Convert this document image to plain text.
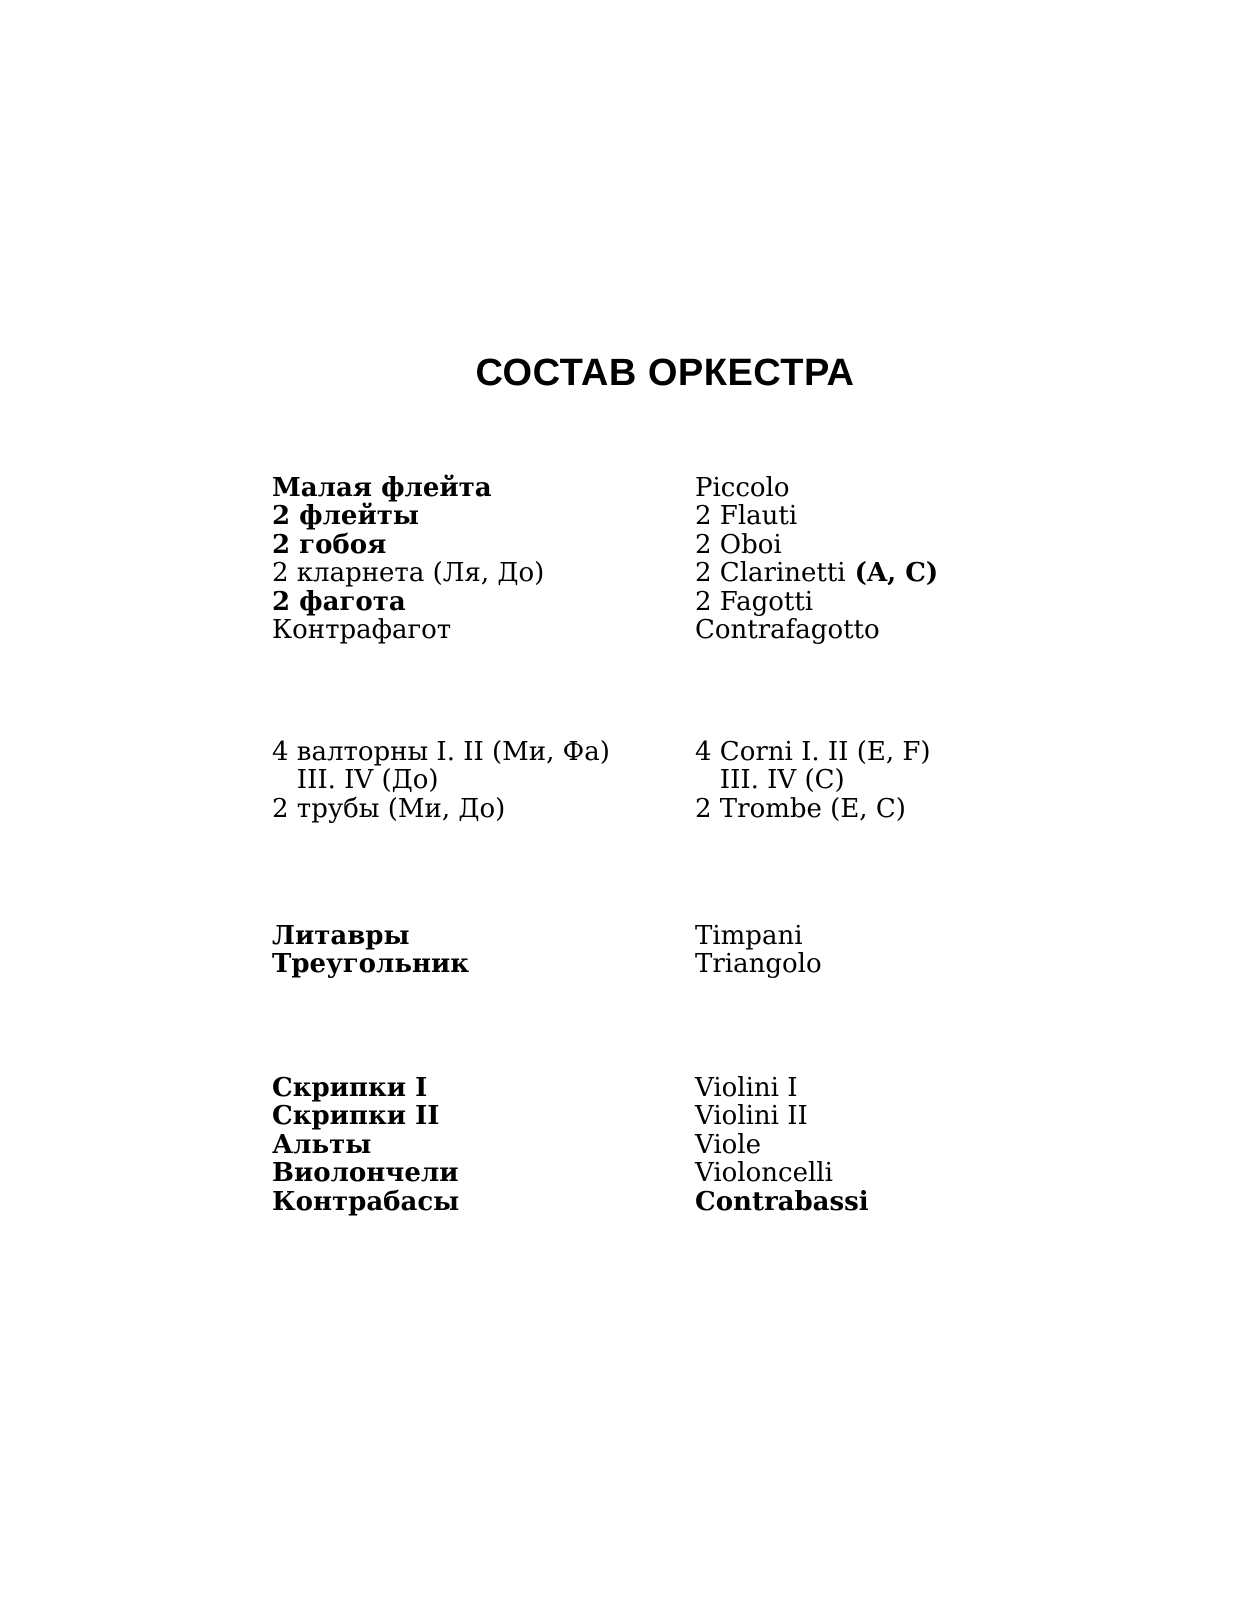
СОСТАВ ОРКЕСТРА
Малая флейта
2 флейты
2 гобоя
2 кларнета (Ля, До)
2 фагота
Контрафагот
Piccolo
2 Flauti
2 Oboi
2 Clarinetti (A, C)
2 Fagotti
Contrafagotto
4 валторны I. II (Ми, Фа)
III. IV (До)
2 трубы (Ми, До)
4 Corni I. II (E, F)
III. IV (C)
2 Trombe (E, C)
Литавры
Треугольник
Timpani
Triangolo
Скрипки I
Скрипки II
Альты
Виолончели
Контрабасы
Violini I
Violini II
Viole
Violoncelli
Contrabassi
